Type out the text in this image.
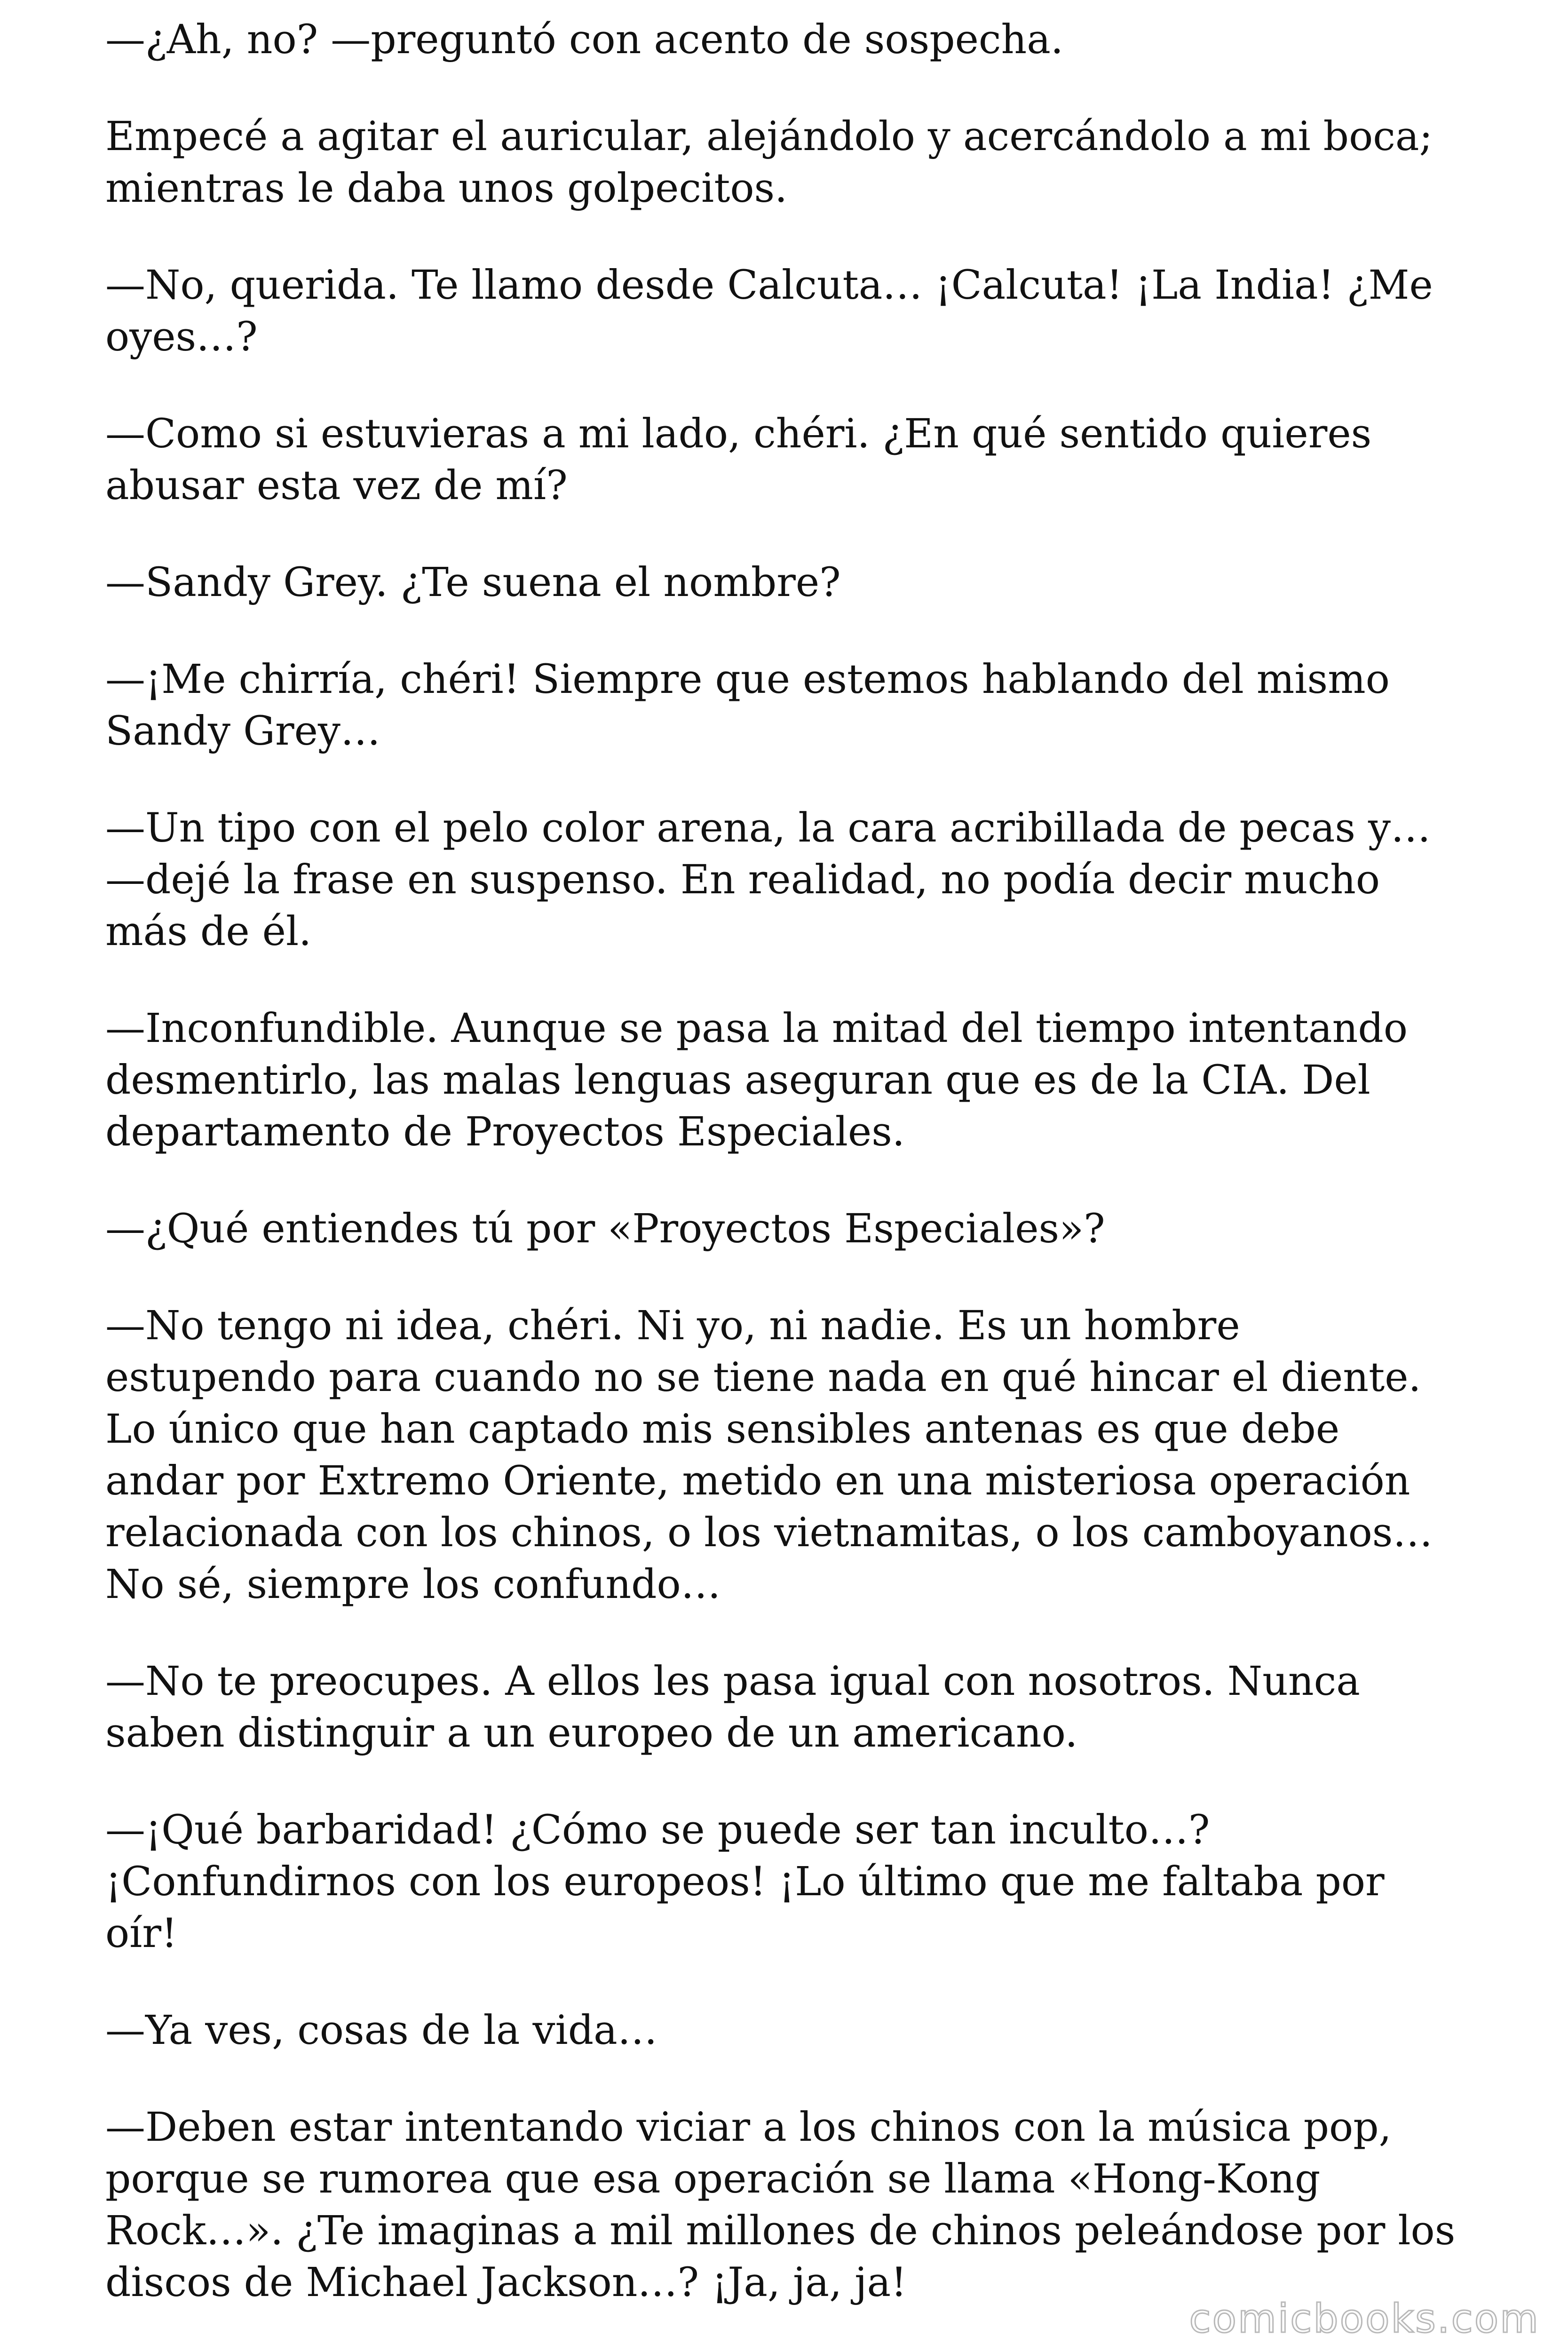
—¿Ah, no? —preguntó con acento de sospecha.

Empecé a agitar el auricular, alejándolo y acercándolo a mi boca; mientras le daba unos golpecitos.

—No, querida. Te llamo desde Calcuta… ¡Calcuta! ¡La India! ¿Me oyes…?

—Como si estuvieras a mi lado, chéri. ¿En qué sentido quieres abusar esta vez de mí?

—Sandy Grey. ¿Te suena el nombre?

—¡Me chirría, chéri! Siempre que estemos hablando del mismo Sandy Grey…

—Un tipo con el pelo color arena, la cara acribillada de pecas y… —dejé la frase en suspenso. En realidad, no podía decir mucho más de él.

—Inconfundible. Aunque se pasa la mitad del tiempo intentando desmentirlo, las malas lenguas aseguran que es de la CIA. Del departamento de Proyectos Especiales.

—¿Qué entiendes tú por «Proyectos Especiales»?

—No tengo ni idea, chéri. Ni yo, ni nadie. Es un hombre estupendo para cuando no se tiene nada en qué hincar el diente. Lo único que han captado mis sensibles antenas es que debe andar por Extremo Oriente, metido en una misteriosa operación relacionada con los chinos, o los vietnamitas, o los camboyanos… No sé, siempre los confundo…

—No te preocupes. A ellos les pasa igual con nosotros. Nunca saben distinguir a un europeo de un americano.

—¡Qué barbaridad! ¿Cómo se puede ser tan inculto…? ¡Confundirnos con los europeos! ¡Lo último que me faltaba por oír!

—Ya ves, cosas de la vida…

—Deben estar intentando viciar a los chinos con la música pop, porque se rumorea que esa operación se llama «Hong-Kong Rock…». ¿Te imaginas a mil millones de chinos peleándose por los discos de Michael Jackson…? ¡Ja, ja, ja!

comicbooks.com
